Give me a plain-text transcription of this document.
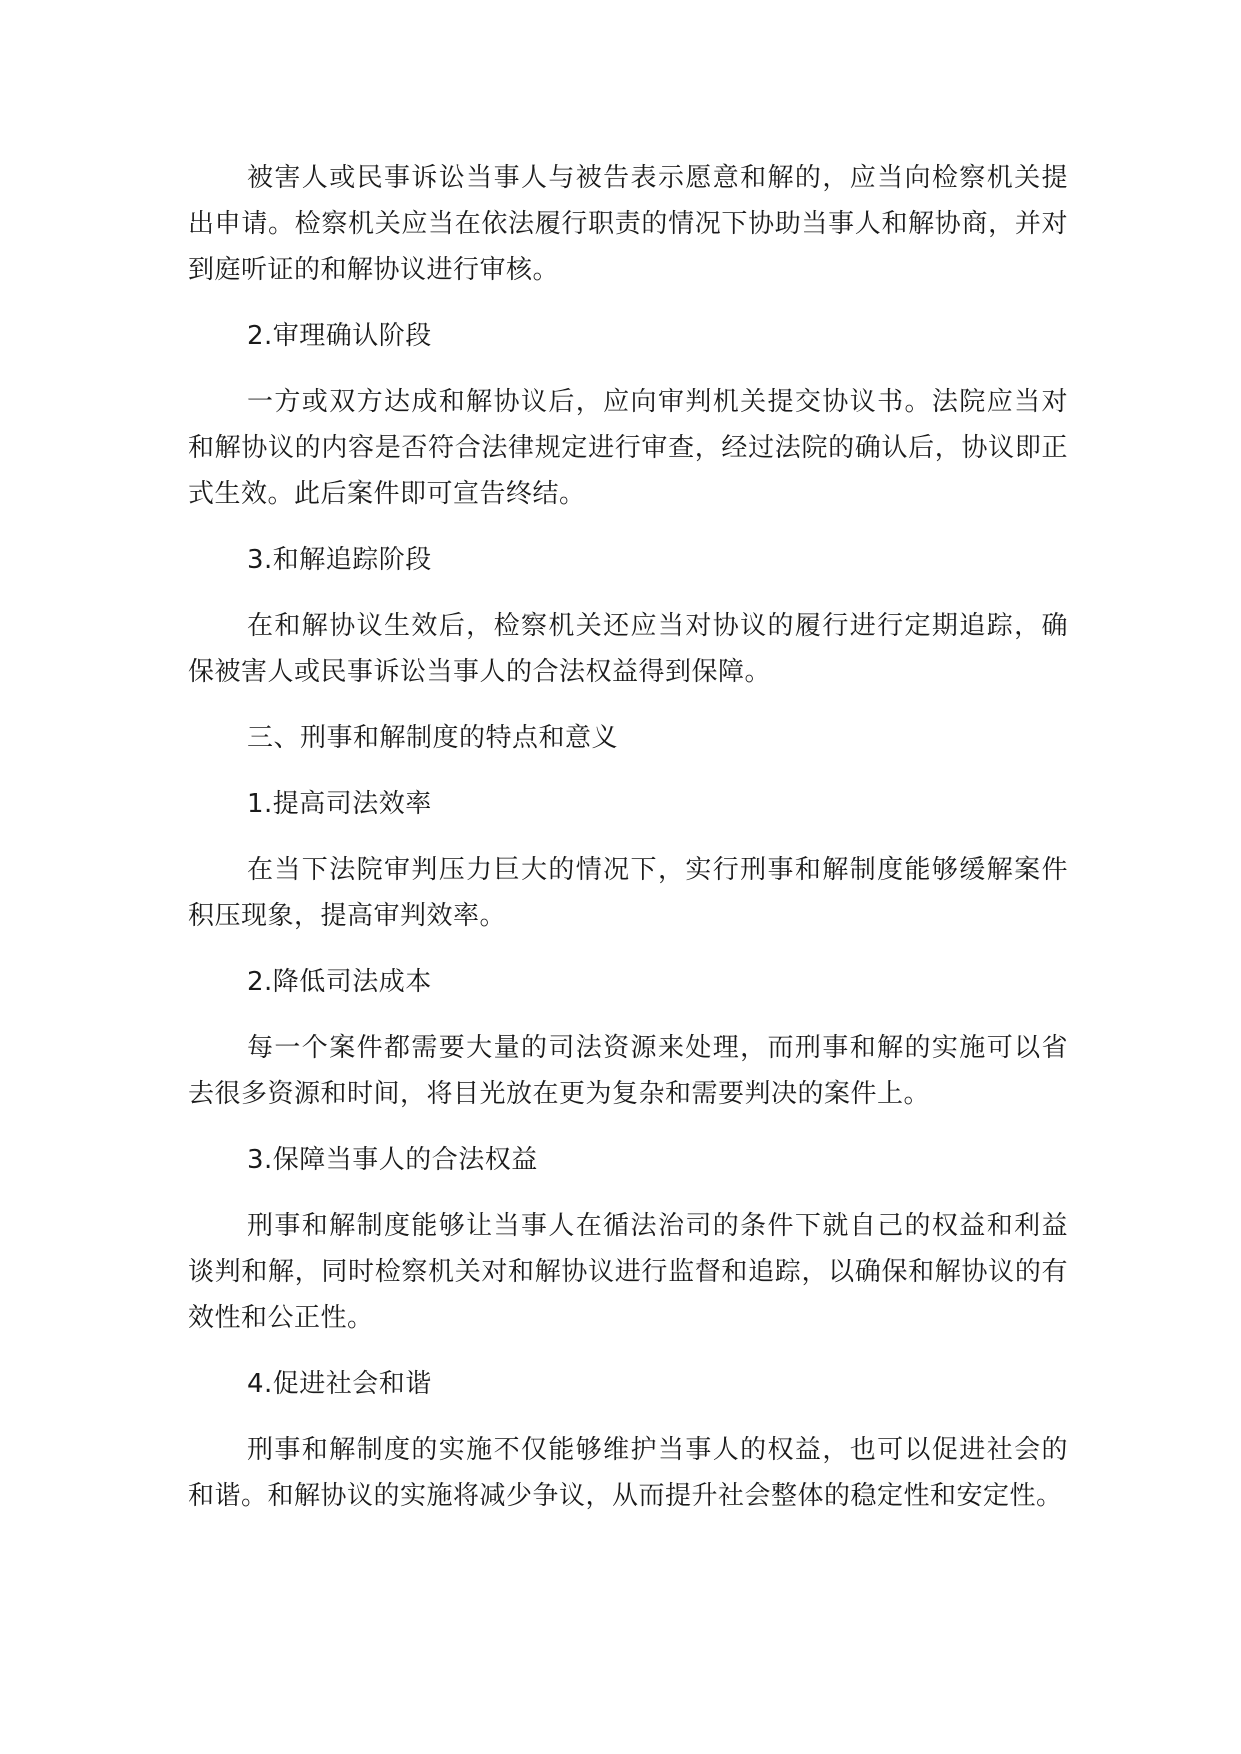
被害人或民事诉讼当事人与被告表示愿意和解的，应当向检察机关提出申请。检察机关应当在依法履行职责的情况下协助当事人和解协商，并对到庭听证的和解协议进行审核。

2.审理确认阶段

一方或双方达成和解协议后，应向审判机关提交协议书。法院应当对和解协议的内容是否符合法律规定进行审查，经过法院的确认后，协议即正式生效。此后案件即可宣告终结。

3.和解追踪阶段

在和解协议生效后，检察机关还应当对协议的履行进行定期追踪，确保被害人或民事诉讼当事人的合法权益得到保障。

三、刑事和解制度的特点和意义

1.提高司法效率

在当下法院审判压力巨大的情况下，实行刑事和解制度能够缓解案件积压现象，提高审判效率。

2.降低司法成本

每一个案件都需要大量的司法资源来处理，而刑事和解的实施可以省去很多资源和时间，将目光放在更为复杂和需要判决的案件上。

3.保障当事人的合法权益

刑事和解制度能够让当事人在循法治司的条件下就自己的权益和利益谈判和解，同时检察机关对和解协议进行监督和追踪，以确保和解协议的有效性和公正性。

4.促进社会和谐

刑事和解制度的实施不仅能够维护当事人的权益，也可以促进社会的和谐。和解协议的实施将减少争议，从而提升社会整体的稳定性和安定性。
